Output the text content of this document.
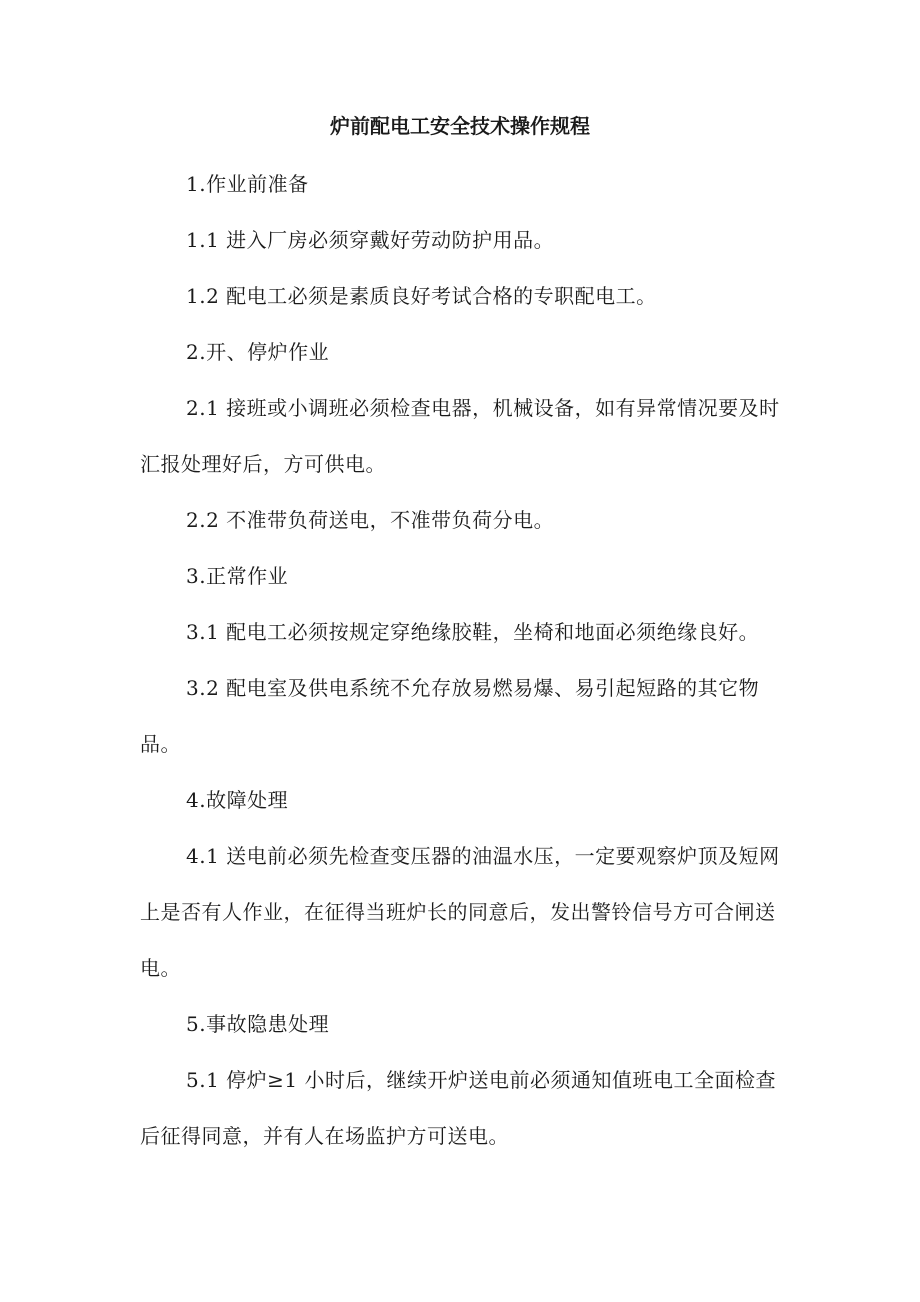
炉前配电工安全技术操作规程

1.作业前准备

1.1 进入厂房必须穿戴好劳动防护用品。

1.2 配电工必须是素质良好考试合格的专职配电工。

2.开、停炉作业

2.1 接班或小调班必须检查电器，机械设备，如有异常情况要及时汇报处理好后，方可供电。

2.2 不准带负荷送电，不准带负荷分电。

3.正常作业

3.1 配电工必须按规定穿绝缘胶鞋，坐椅和地面必须绝缘良好。

3.2 配电室及供电系统不允存放易燃易爆、易引起短路的其它物品。

4.故障处理

4.1 送电前必须先检查变压器的油温水压，一定要观察炉顶及短网上是否有人作业，在征得当班炉长的同意后，发出警铃信号方可合闸送电。

5.事故隐患处理

5.1 停炉≥1 小时后，继续开炉送电前必须通知值班电工全面检查后征得同意，并有人在场监护方可送电。
